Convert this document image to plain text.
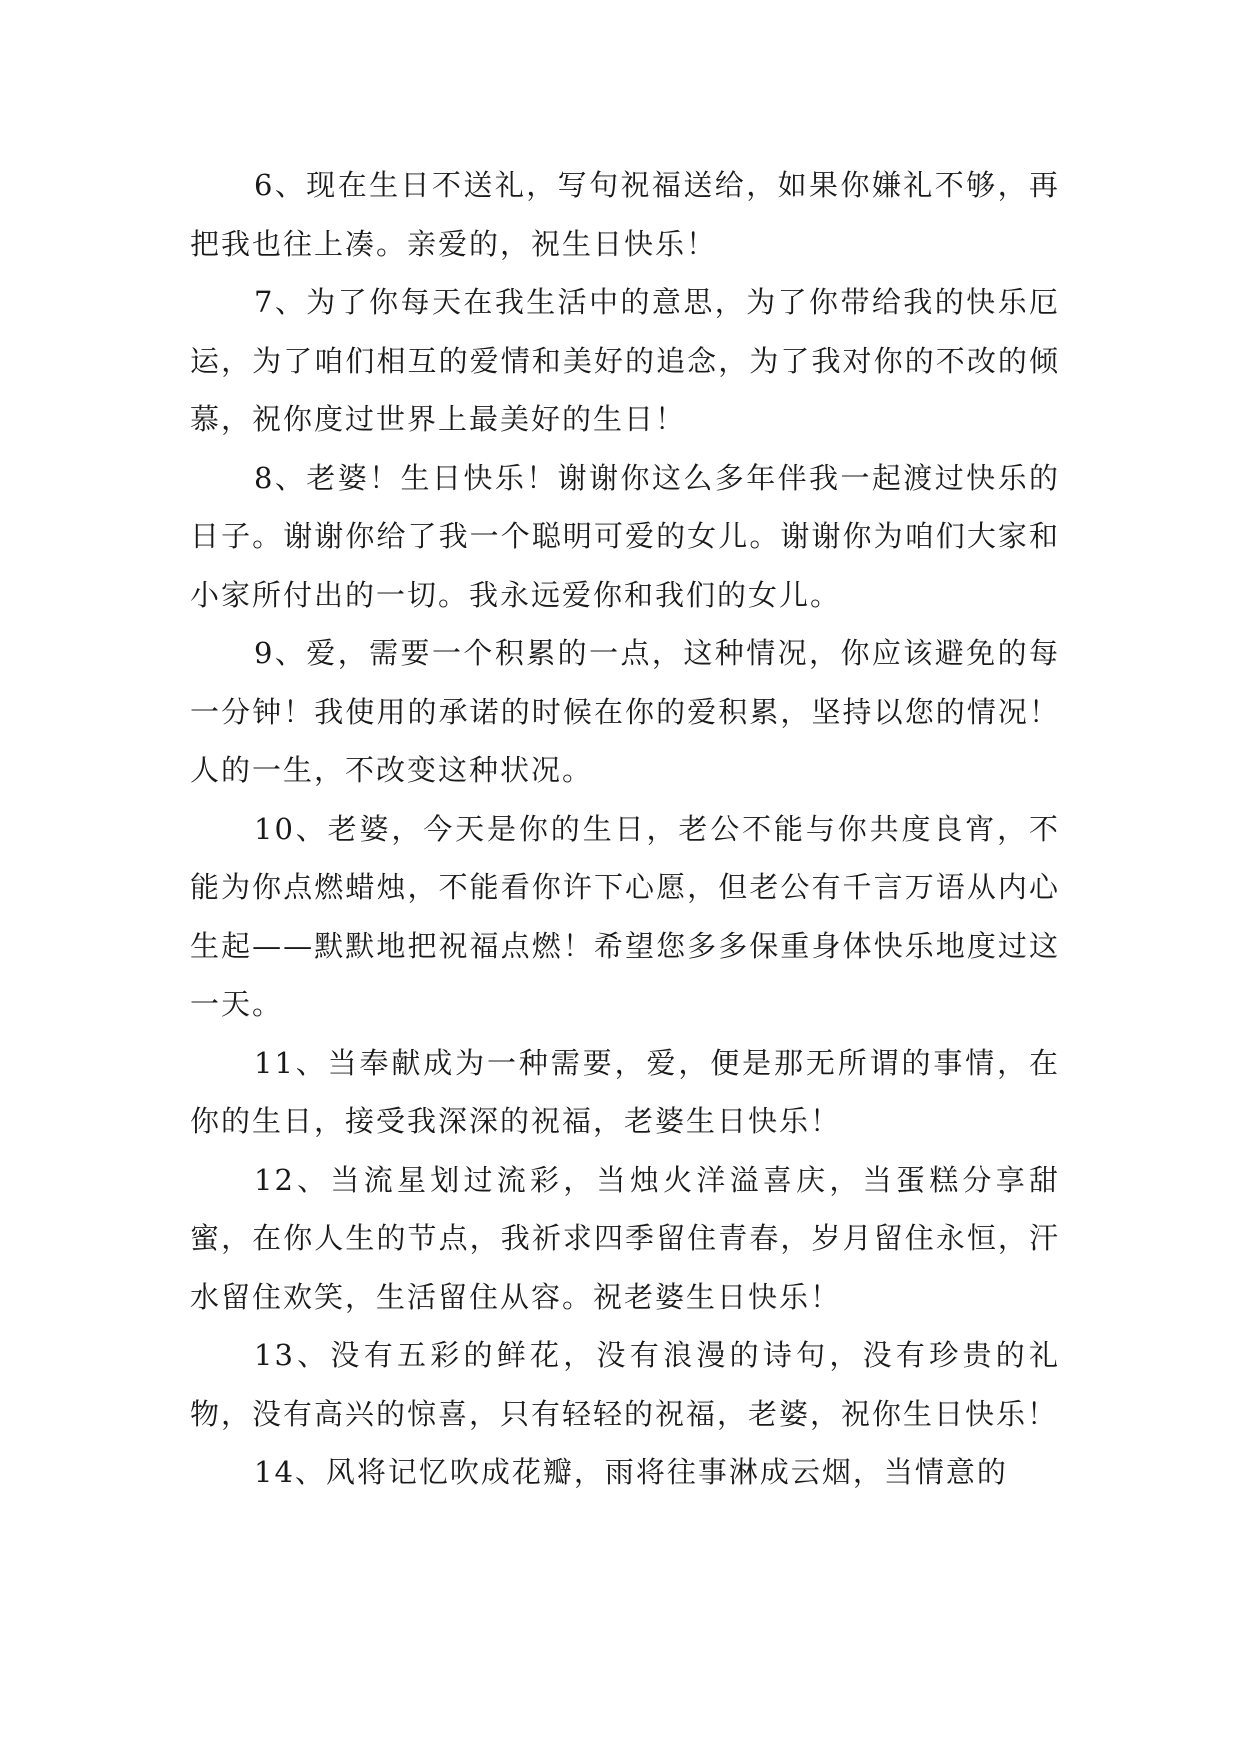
6、现在生日不送礼，写句祝福送给，如果你嫌礼不够，再把我也往上凑。亲爱的，祝生日快乐！

7、为了你每天在我生活中的意思，为了你带给我的快乐厄运，为了咱们相互的爱情和美好的追念，为了我对你的不改的倾慕，祝你度过世界上最美好的生日！

8、老婆！生日快乐！谢谢你这么多年伴我一起渡过快乐的日子。谢谢你给了我一个聪明可爱的女儿。谢谢你为咱们大家和小家所付出的一切。我永远爱你和我们的女儿。

9、爱，需要一个积累的一点，这种情况，你应该避免的每一分钟！我使用的承诺的时候在你的爱积累，坚持以您的情况！人的一生，不改变这种状况。

10、老婆，今天是你的生日，老公不能与你共度良宵，不能为你点燃蜡烛，不能看你许下心愿，但老公有千言万语从内心生起——默默地把祝福点燃！希望您多多保重身体快乐地度过这一天。

11、当奉献成为一种需要，爱，便是那无所谓的事情，在你的生日，接受我深深的祝福，老婆生日快乐！

12、当流星划过流彩，当烛火洋溢喜庆，当蛋糕分享甜蜜，在你人生的节点，我祈求四季留住青春，岁月留住永恒，汗水留住欢笑，生活留住从容。祝老婆生日快乐！

13、没有五彩的鲜花，没有浪漫的诗句，没有珍贵的礼物，没有高兴的惊喜，只有轻轻的祝福，老婆，祝你生日快乐！

14、风将记忆吹成花瓣，雨将往事淋成云烟，当情意的
